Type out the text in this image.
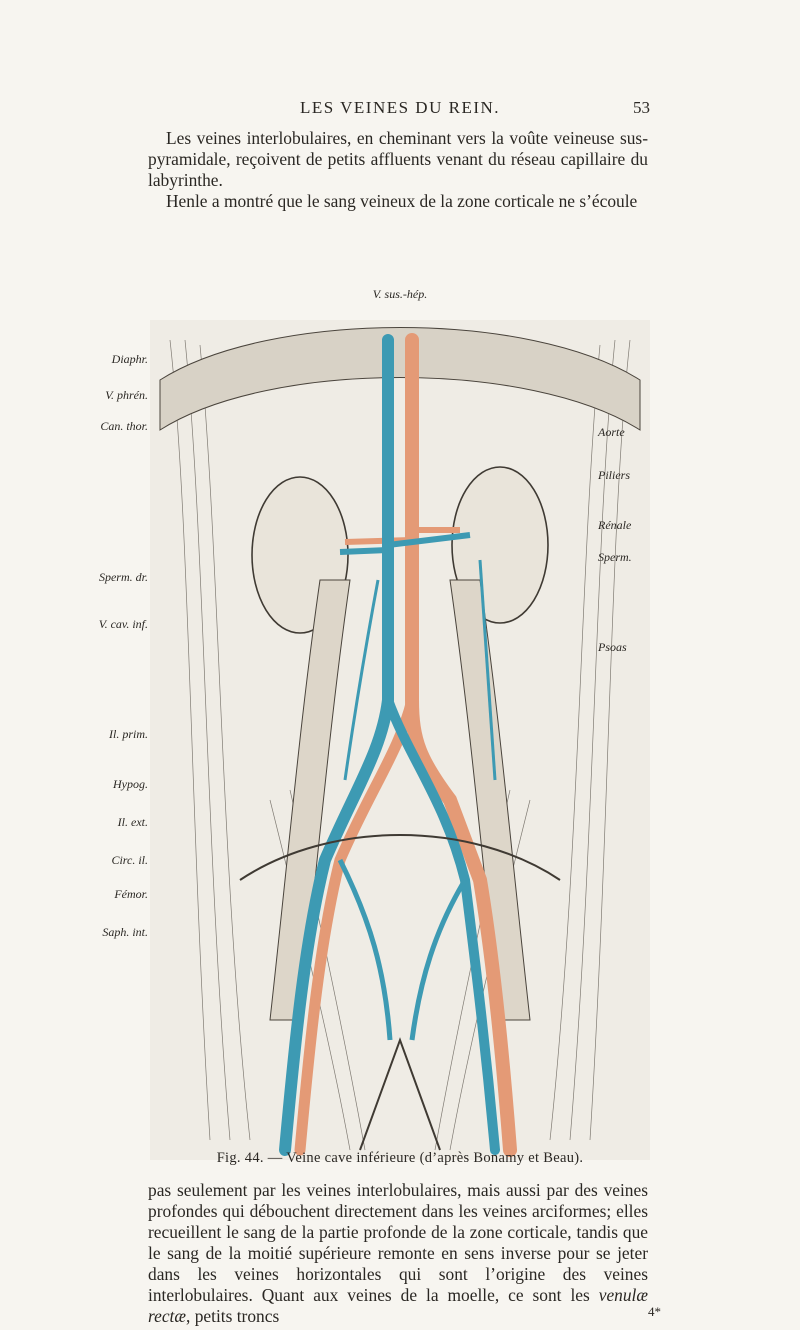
LES VEINES DU REIN.	53

Les veines interlobulaires, en cheminant vers la voûte veineuse sus- pyramidale, reçoivent de petits affluents venant du réseau capillaire du labyrinthe.
Henle a montré que le sang veineux de la zone corticale ne s’écoule

V. sus.-hép.
Diaphr.
V. phrén.
Can. thor.
Sperm. dr.
V. cav. inf.
Il. prim.
Hypog.
Il. ext.
Circ. il.
Fémor.
Saph. int.
Aorte
Piliers
Rénale
Sperm.
Psoas
Fig. 44. — Veine cave inférieure (d’après Bonamy et Beau).

pas seulement par les veines interlobulaires, mais aussi par des veines profondes qui débouchent directement dans les veines arciformes; elles recueillent le sang de la partie profonde de la zone corticale, tandis que le sang de la moitié supérieure remonte en sens inverse pour se jeter dans les veines horizontales qui sont l’origine des veines interlobulaires. Quant aux veines de la moelle, ce sont les venulæ rectæ, petits troncs	4*
